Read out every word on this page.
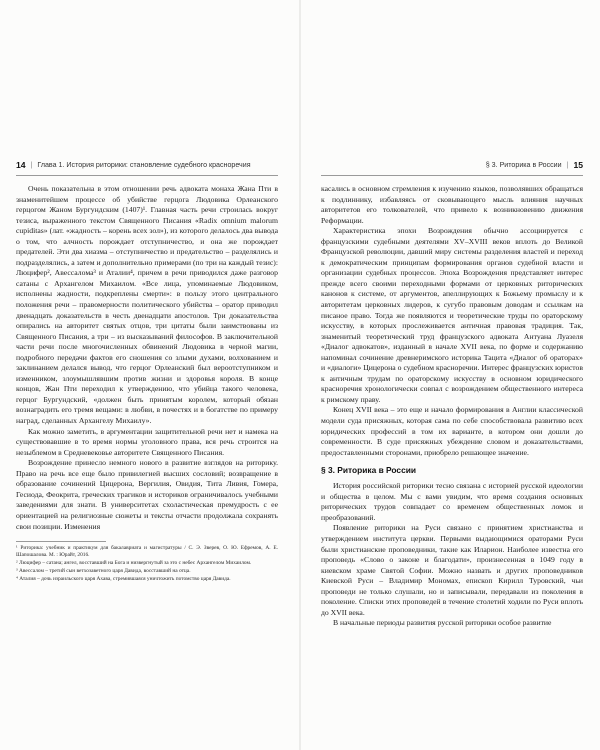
14 | Глава 1. История риторики: становление судебного красноречия

Очень показательна в этом отношении речь адвоката монаха Жана Пти в знаменитейшем процессе об убийстве герцога Людовика Орлеанского герцогом Жаном Бургундским (1407)¹. Главная часть речи строилась вокруг тезиса, выраженного текстом Священного Писания «Radix omnium malorum cupiditas» (лат. «жадность – корень всех зол»), из которого делалось два вывода о том, что алчность порождает отступничество, и она же порождает предателей. Эти два хиазма – отступничество и предательство – разделялись и подразделялись, а затем и дополнительно примерами (по три на каждый тезис): Люцифер², Авессалома³ и Аталии⁴, причем в речи приводился даже разговор сатаны с Архангелом Михаилом. «Все лица, упоминаемые Людовиком, исполнены жадности, подкреплены смерти»: в пользу этого центрального положения речи – правомерности политического убийства – оратор приводил двенадцать доказательств в честь двенадцати апостолов. Три доказательства опирались на авторитет святых отцов, три цитаты были заимствованы из Священного Писания, а три – из высказываний философов. В заключительной части речи после многочисленных обвинений Людовика в черной магии, подробного передачи фактов его сношения со злыми духами, волхованием и заклинанием делался вывод, что герцог Орлеанский был вероотступником и изменником, злоумышлявшим против жизни и здоровья короля. В конце концов, Жан Пти переходил к утверждению, что убийца такого человека, герцог Бургундский, «должен быть принятым королем, который обязан вознаградить его тремя вещами: в любви, в почестях и в богатстве по примеру наград, сделанных Архангелу Михаилу».

Как можно заметить, в аргументации защитительной речи нет и намека на существовавшие в то время нормы уголовного права, вся речь строится на незыблемом в Средневековье авторитете Священного Писания.

Возрождение принесло немного нового в развитие взглядов на риторику. Право на речь все еще было привилегией высших сословий; возвращение в образование сочинений Цицерона, Вергилия, Овидия, Тита Ливия, Гомера, Гесиода, Феокрита, греческих трагиков и историков ограничивалось учебными заведениями для знати. В университетах схоластическая премудрость с ее ориентацией на религиозные сюжеты и тексты отчасти продолжала сохранять свои позиции. Изменения

¹ Риторика: учебник и практикум для бакалавриата и магистратуры / С. Э. Зверев, О. Ю. Ефремов, А. Е. Шапошалова. М. : Юрайт, 2016.

² Люцифер – сатана; ангел, восставший на Бога и низвергнутый за это с небес Архангелом Михаилом.

³ Авессалом – третий сын ветхозаветного царя Давида, восставший на отца.

⁴ Аталия – дочь израильского царя Ахава, стремившаяся уничтожить потомство царя Давида.

§ 3. Риторика в России | 15

касались в основном стремления к изучению языков, позволявших обращаться к подлиннику, избавляясь от сковывающего мысль влияния научных авторитетов его толкователей, что привело к возникновению движения Реформации.

Характеристика эпохи Возрождения обычно ассоциируется с французскими судебными деятелями XV–XVIII веков вплоть до Великой Французской революции, давший миру системы разделения властей и переход к демократическим принципам формирования органов судебной власти и организации судебных процессов. Эпоха Возрождения представляет интерес прежде всего своими переходными формами от церковных риторических канонов к системе, от аргументов, апеллирующих к Божьему промыслу и к авторитетам церковных лидеров, к сугубо правовым доводам и ссылкам на писаное право. Тогда же появляются и теоретические труды по ораторскому искусству, в которых прослеживается античная правовая традиция. Так, знаменитый теоретический труд французского адвоката Антуана Луазеля «Диалог адвокатов», изданный в начале XVII века, по форме и содержанию напоминал сочинение древнеримского историка Тацита «Диалог об ораторах» и «диалоги» Цицерона о судебном красноречии. Интерес французских юристов к античным трудам по ораторскому искусству в основном юридического красноречия хронологически совпал с возрождением общественного интереса к римскому праву.

Конец XVII века – это еще и начало формирования в Англии классической модели суда присяжных, которая сама по себе способствовала развитию всех юридических профессий в том их варианте, в котором они дошли до современности. В суде присяжных убеждение словом и доказательствами, предоставленными сторонами, приобрело решающее значение.

§ 3. Риторика в России

История российской риторики тесно связана с историей русской идеологии и общества в целом. Мы с вами увидим, что время создания основных риторических трудов совпадает со временем общественных ломок и преобразований.

Появление риторики на Руси связано с принятием христианства и утверждением института церкви. Первыми выдающимися ораторами Руси были христианские проповедники, такие как Иларион. Наиболее известна его проповедь «Слово о законе и благодати», произнесенная в 1049 году в киевском храме Святой Софии. Можно назвать и других проповедников Киевской Руси – Владимир Мономах, епископ Кирилл Туровский, чьи проповеди не только слушали, но и записывали, передавали из поколения в поколение. Списки этих проповедей в течение столетий ходили по Руси вплоть до XVII века.

В начальные периоды развития русской риторики особое развитие
